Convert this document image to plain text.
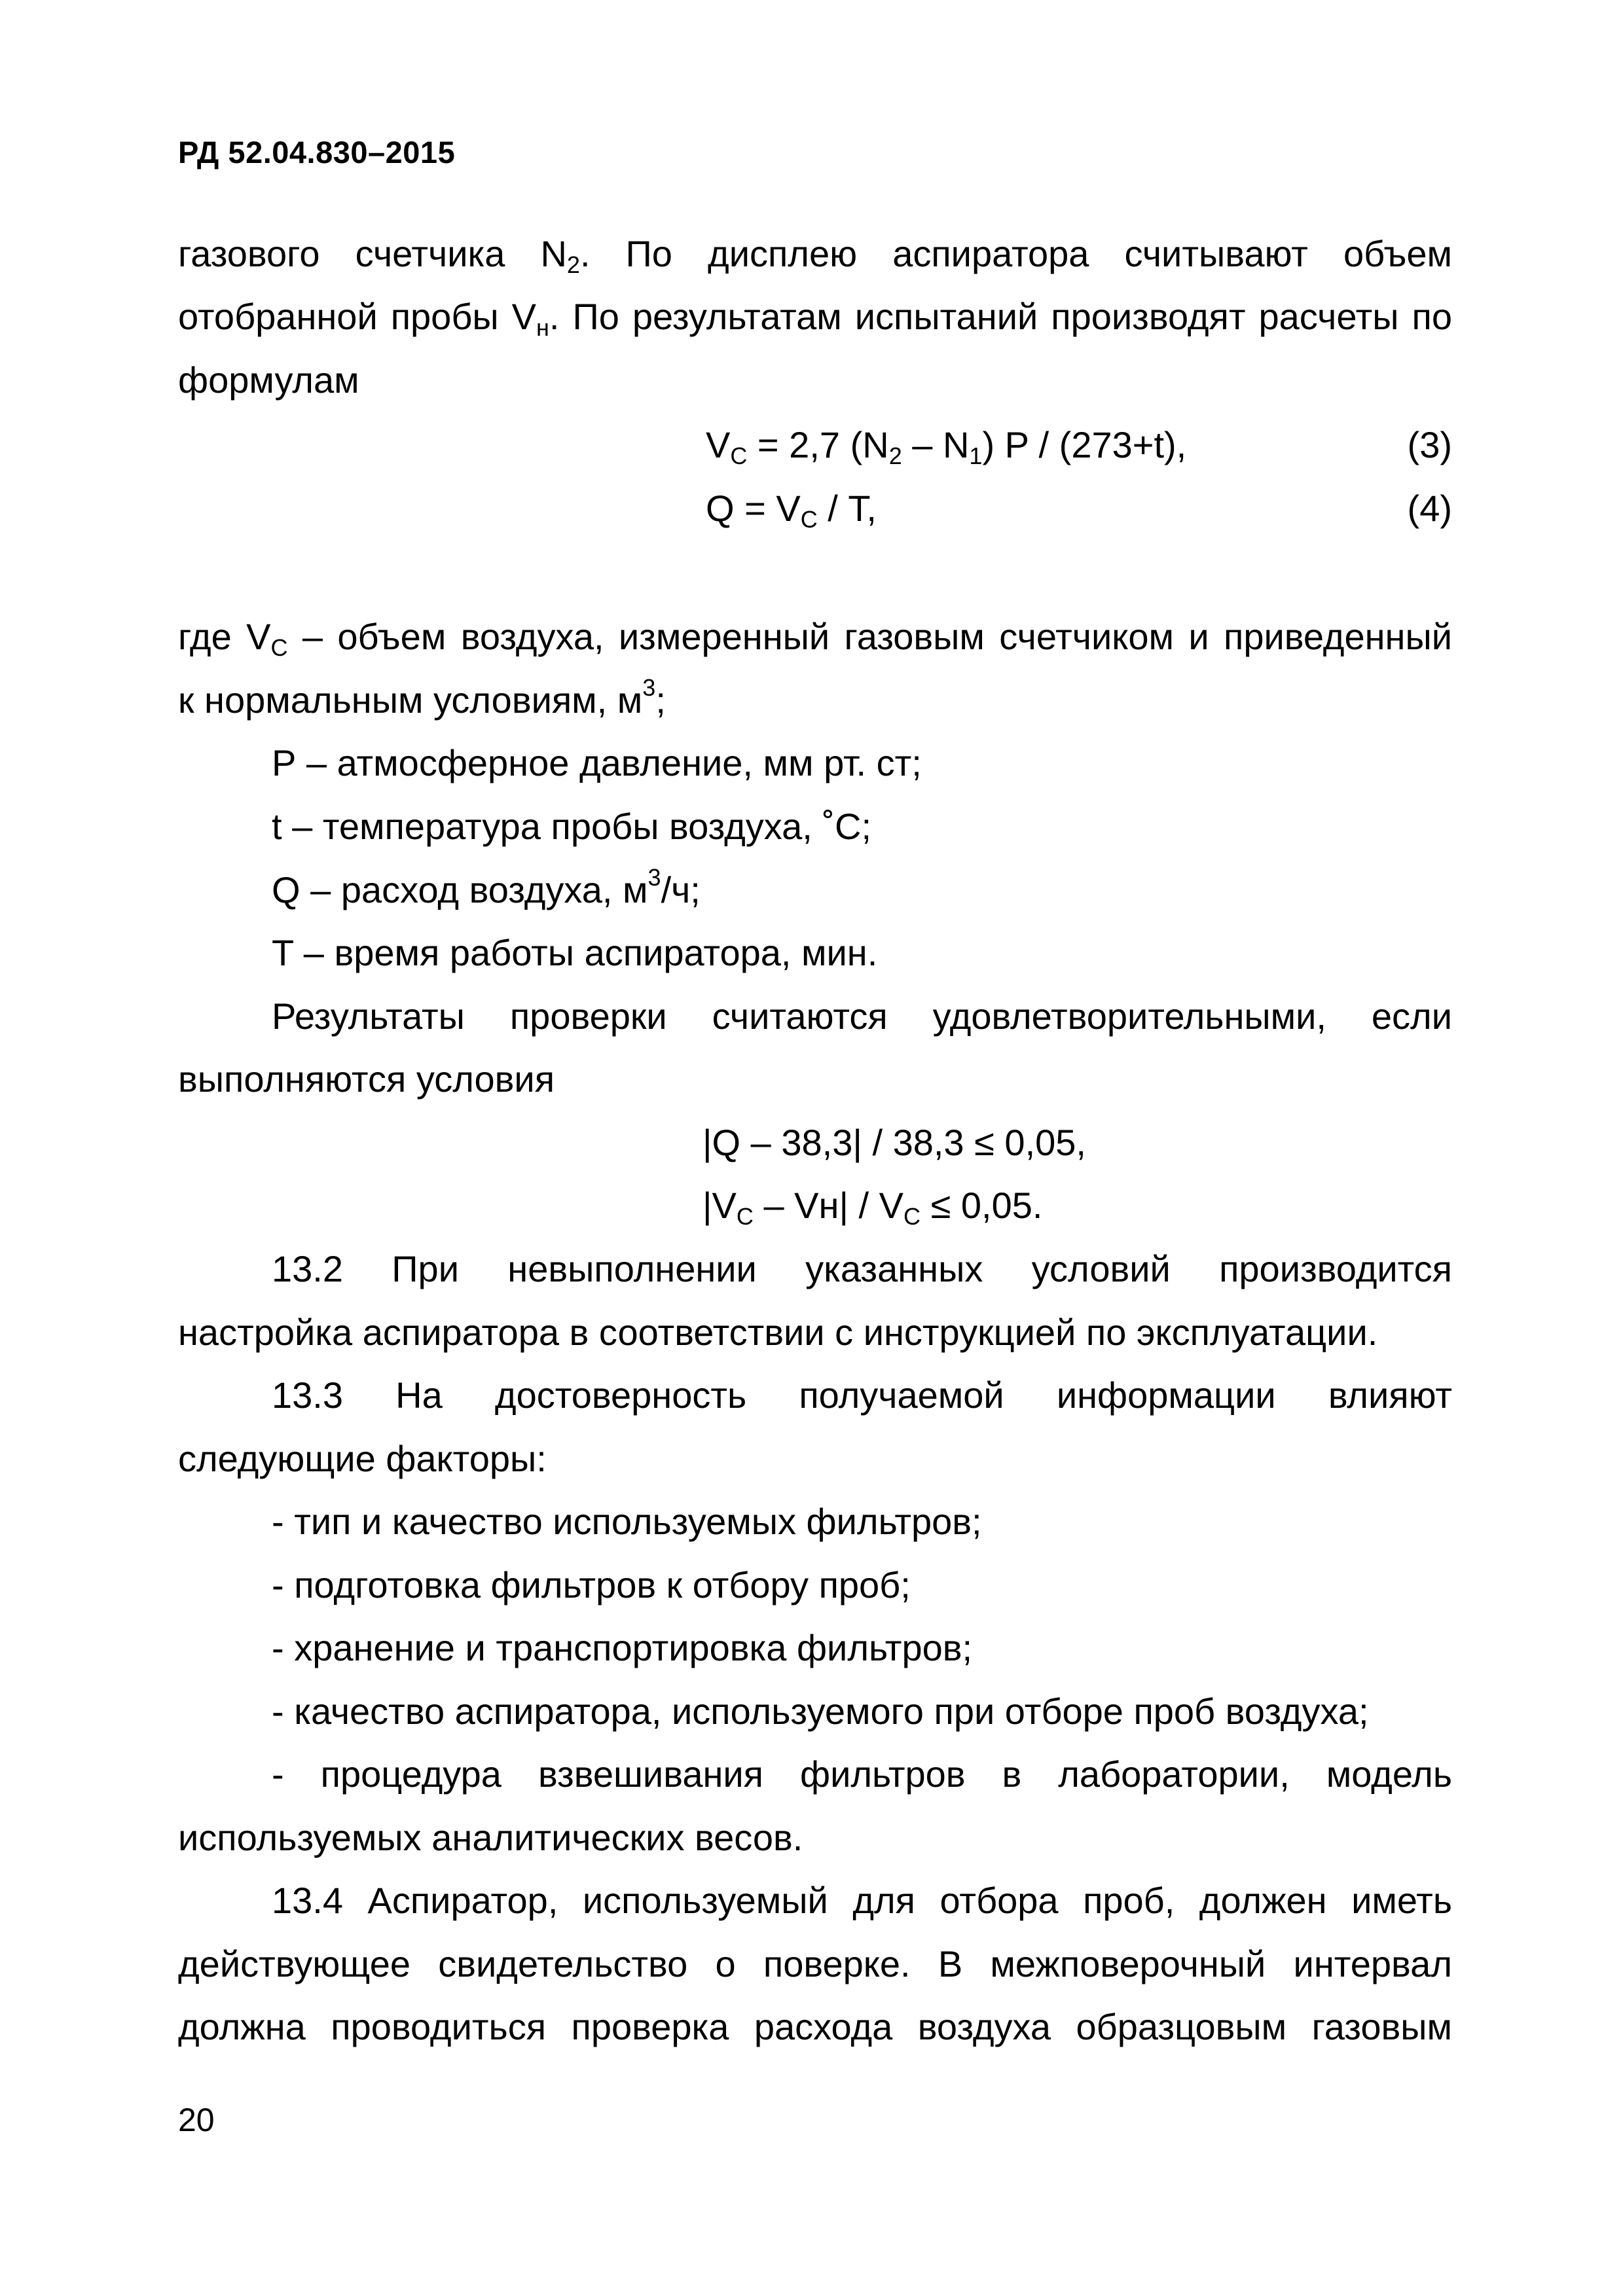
РД 52.04.830–2015
газового счетчика $N_2$. По дисплею аспиратора считывают объем
отобранной пробы $V_н$. По результатам испытаний производят расчеты по
формулам
$V_С = 2,7$ $(N_2 - N_1)$ P / (273+t),	(3)
$Q = V_С / T$,	(4)
где $V_С$ – объем воздуха, измеренный газовым счетчиком и приведенный
к нормальным условиям, $м^3$;
Р – атмосферное давление, мм рт. ст;
t – температура пробы воздуха, ˚С;
Q – расход воздуха, $м^3/ч$;
T – время работы аспиратора, мин.
Результаты проверки считаются удовлетворительными, если
выполняются условия
|Q – 38,3| / 38,3 ≤ 0,05,
$|V_С - Vн| / V_С \le 0,05$.
13.2 При невыполнении указанных условий производится
настройка аспиратора в соответствии с инструкцией по эксплуатации.
13.3 На достоверность получаемой информации влияют
следующие факторы:
- тип и качество используемых фильтров;
- подготовка фильтров к отбору проб;
- хранение и транспортировка фильтров;
- качество аспиратора, используемого при отборе проб воздуха;
- процедура взвешивания фильтров в лаборатории, модель
используемых аналитических весов.
13.4 Аспиратор, используемый для отбора проб, должен иметь
действующее свидетельство о поверке. В межповерочный интервал
должна проводиться проверка расхода воздуха образцовым газовым
20
